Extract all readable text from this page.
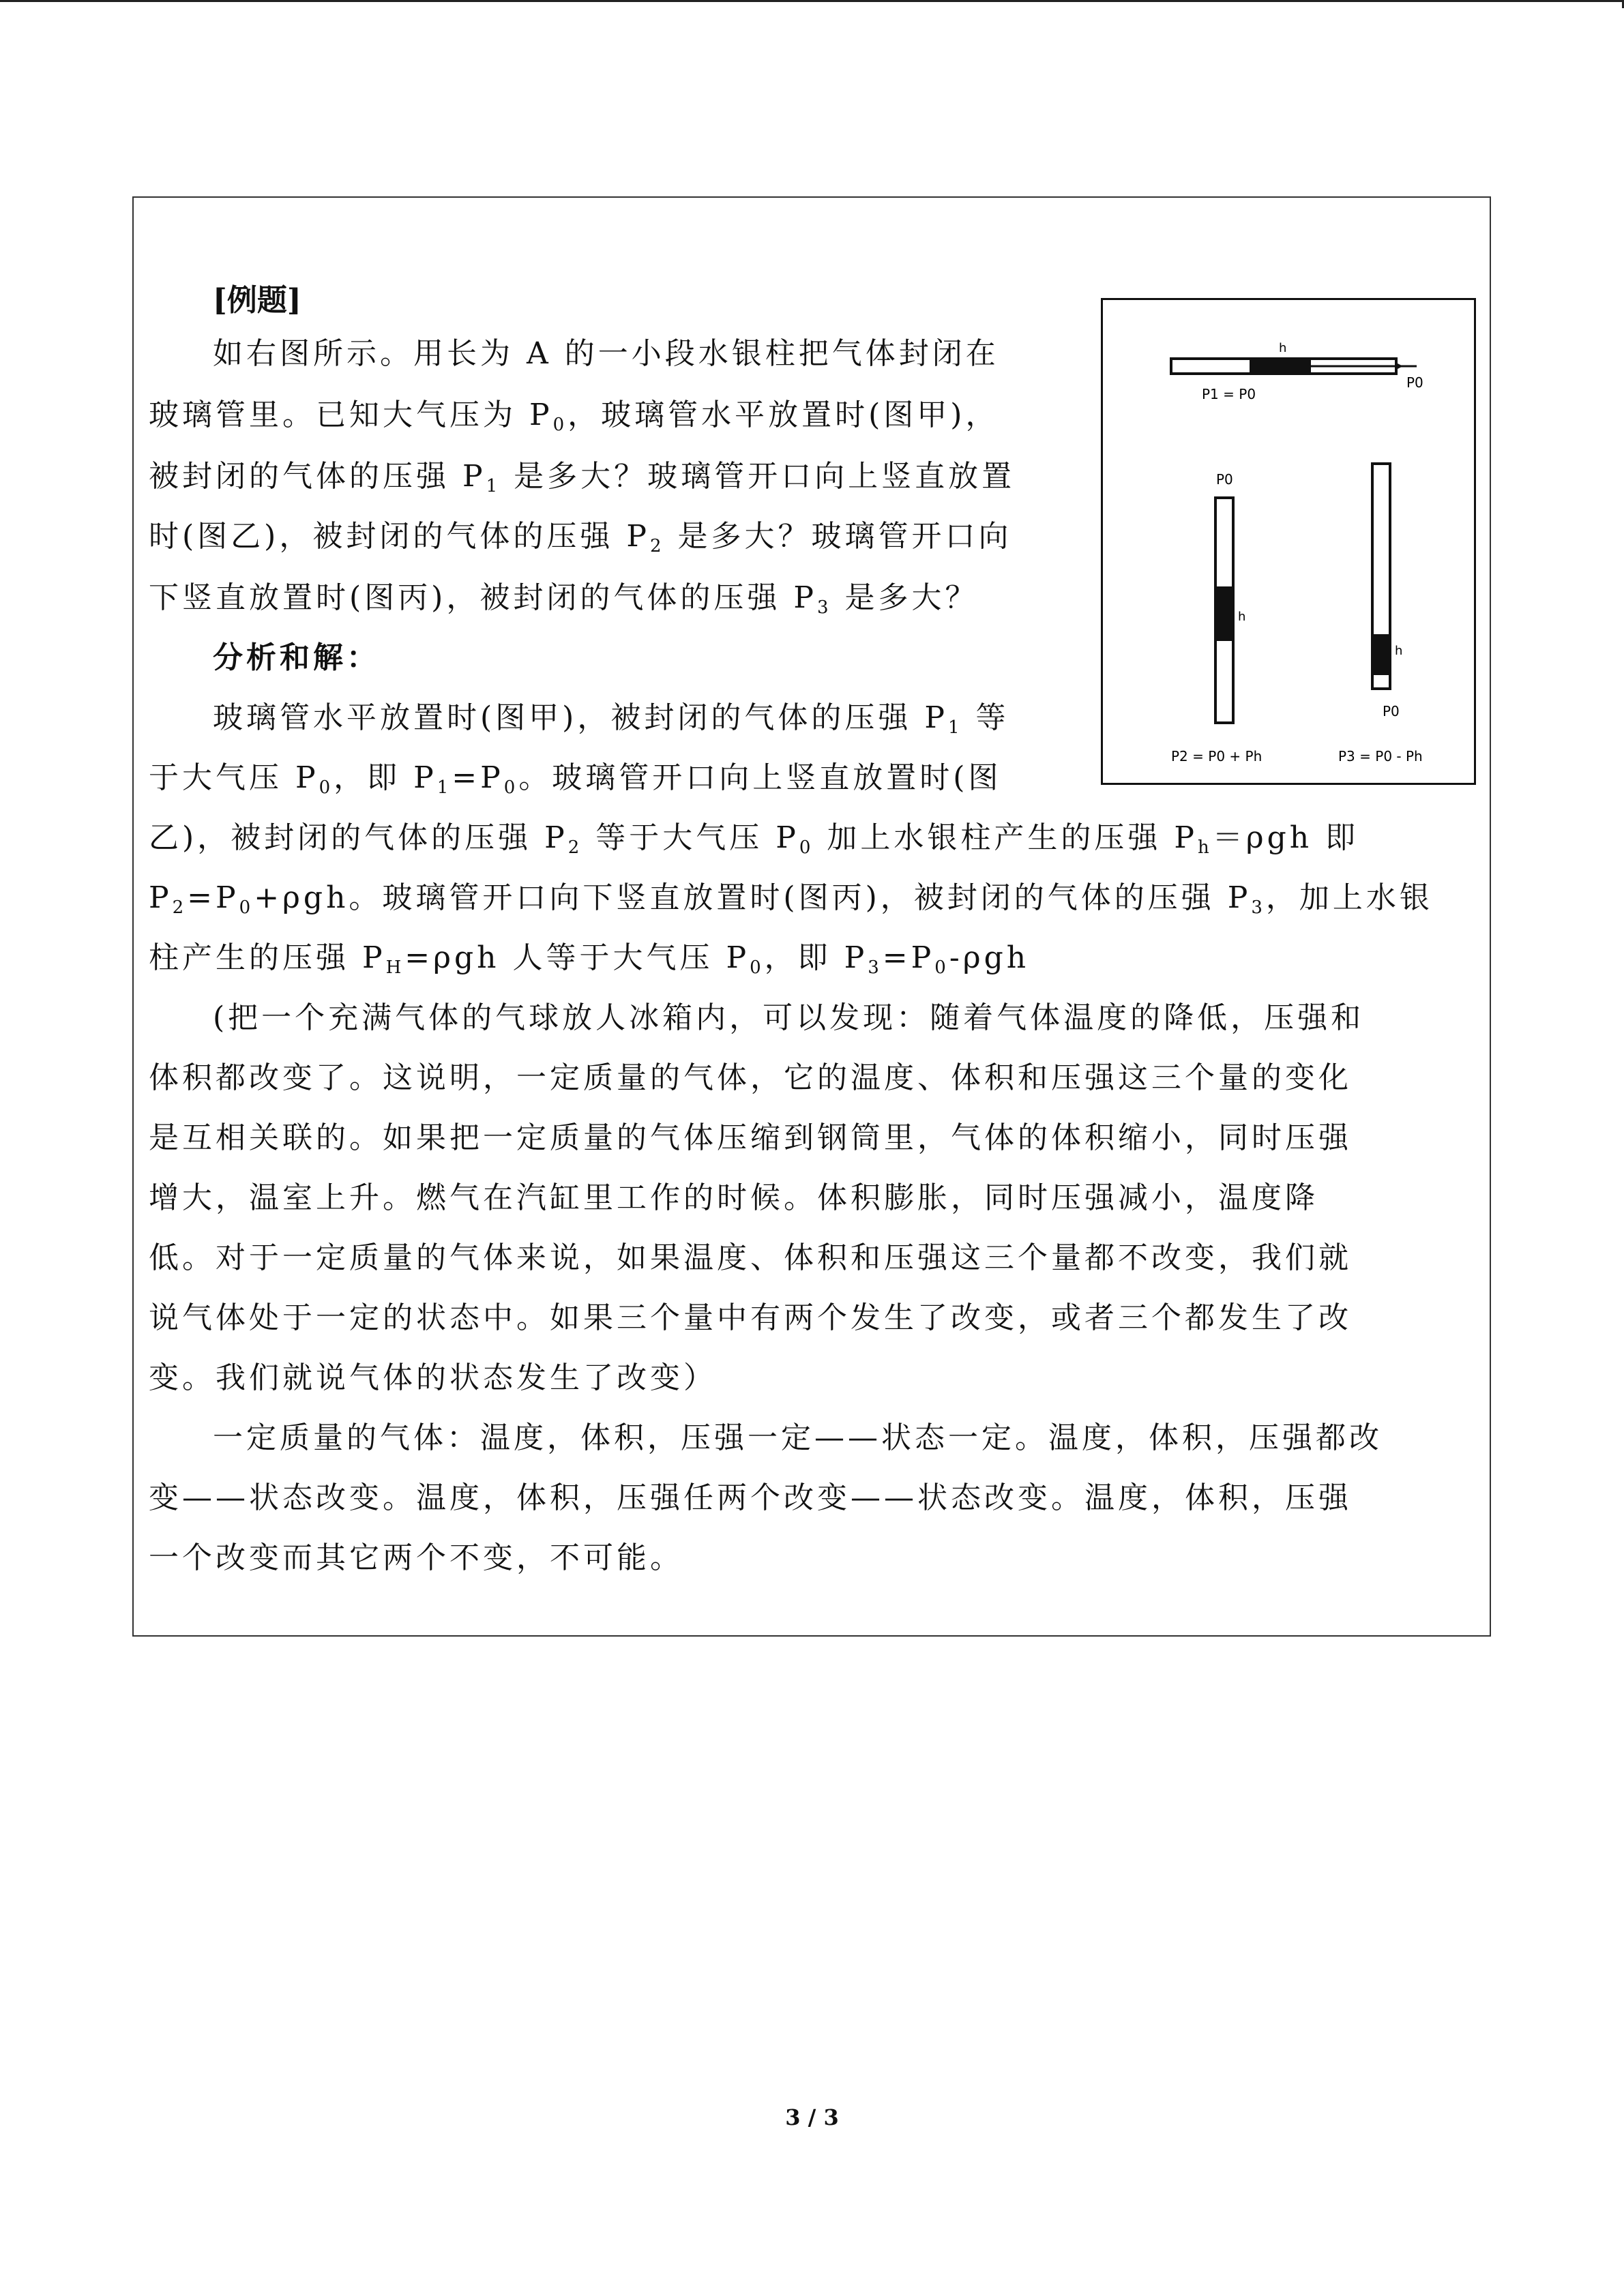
[例题]
如右图所示。用长为 A 的一小段水银柱把气体封闭在
玻璃管里。已知大气压为 $P_0$，玻璃管水平放置时(图甲)，
被封闭的气体的压强 $P_1$ 是多大？玻璃管开口向上竖直放置
时(图乙)，被封闭的气体的压强 $P_2$ 是多大？玻璃管开口向
下竖直放置时(图丙)，被封闭的气体的压强 $P_3$ 是多大？
分析和解：
玻璃管水平放置时(图甲)，被封闭的气体的压强 $P_1$ 等
于大气压 $P_0$，即 $P_1=P_0$。玻璃管开口向上竖直放置时(图
乙)，被封闭的气体的压强 $P_2$ 等于大气压 $P_0$ 加上水银柱产生的压强 $P_h=\rho gh$ 即
$P_2=P_0+\rho gh$。玻璃管开口向下竖直放置时(图丙)，被封闭的气体的压强 $P_3$，加上水银
柱产生的压强 $P_H=\rho gh$ 人等于大气压 $P_0$，即 $P_3=P_0$-ρgh
(把一个充满气体的气球放人冰箱内，可以发现：随着气体温度的降低，压强和
体积都改变了。这说明，一定质量的气体，它的温度、体积和压强这三个量的变化
是互相关联的。如果把一定质量的气体压缩到钢筒里，气体的体积缩小，同时压强
增大，温室上升。燃气在汽缸里工作的时候。体积膨胀，同时压强减小，温度降
低。对于一定质量的气体来说，如果温度、体积和压强这三个量都不改变，我们就
说气体处于一定的状态中。如果三个量中有两个发生了改变，或者三个都发生了改
变。我们就说气体的状态发生了改变）
一定质量的气体：温度，体积，压强一定——状态一定。温度，体积，压强都改
变——状态改变。温度，体积，压强任两个改变——状态改变。温度，体积，压强
一个改变而其它两个不变，不可能。
h
P0
P1 = P0
P0
h
P2 = P0 + Ph
h
P0
P3 = P0 - Ph
3 / 3
